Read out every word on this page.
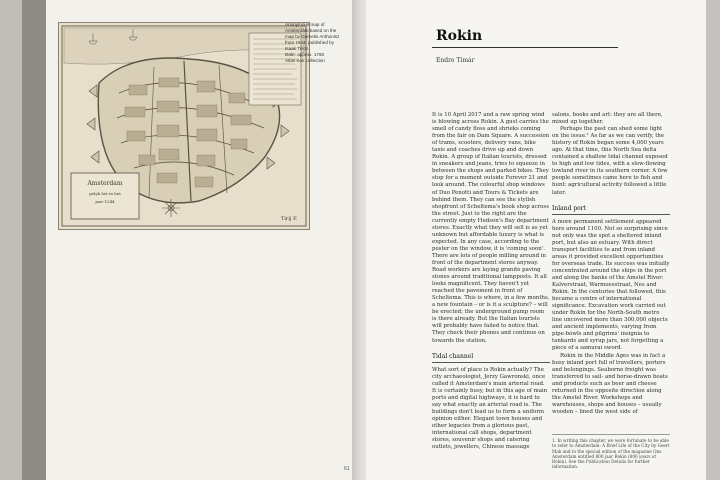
Amsterdam
gelyk het in het
jaar 1544
Tirij F.
Anonymous map of
Amsterdam based on the
map by Cornelis Anthonisz
from 1544, published by
Isaak Tirion.
Date: approx. 1760
Atlas Kok collection
61
Rokin
Endre Timár

It is 10 April 2017 and a raw spring wind is blowing across Rokin. A gust carries the smell of candy floss and shrieks coming from the fair on Dam Square. A succession of trams, scooters, delivery vans, bike taxis and coaches drive up and down Rokin. A group of Italian tourists, dressed in sneakers and jeans, tries to squeeze in between the shops and parked bikes. They stop for a moment outside Forever 21 and look around. The colourful shop windows of Duo Penotti and Tours & Tickets are behind them. They can see the stylish shopfront of Scheltema's book shop across the street. Just to the right are the currently empty Hudson's Bay department stores. Exactly what they will sell is as yet unknown but affordable luxury is what is expected. In any case, according to the poster on the window, it is 'coming soon'. There are lots of people milling around in front of the department stores anyway. Road workers are laying granite paving stones around traditional lampposts. It all looks magnificent. They haven't yet reached the pavement in front of Scheltema. This is where, in a few months, a new fountain – or is it a sculpture? – will be erected; the underground pump room is there already. But the Italian tourists will probably have failed to notice that. They check their phones and continue on towards the station.

Tidal channel

What sort of place is Rokin actually? The city archaeologist, Jerzy Gawronski, once called it Amsterdam's main arterial road. It is certainly busy, but in this age of main ports and digital highways, it is hard to say what exactly an arterial road is. The buildings don't lead us to form a uniform opinion either. Elegant town houses and other legacies from a glorious past, international call shops, department stores, souvenir shops and catering outlets, jewellers, Chinese massage

salons, books and art: they are all there, mixed up together.

Perhaps the past can shed some light on the issue.¹ As far as we can verify, the history of Rokin began some 4,000 years ago. At that time, this North Sea delta contained a shallow tidal channel exposed to high and low tides, with a slow-flowing lowland river in its southern corner. A few people sometimes came here to fish and hunt: agricultural activity followed a little later.

Inland port

A more permanent settlement appeared here around 1100. Not so surprising since not only was the spot a sheltered inland port, but also an estuary. With direct transport facilities to and from inland areas it provided excellent opportunities for overseas trade. Its success was initially concentrated around the ships in the port and along the banks of the Amstel River: Kalverstraat, Warmoesstraat, Nes and Rokin. In the centuries that followed, this became a centre of international significance. Excavation work carried out under Rokin for the North-South metro line uncovered more than 300,000 objects and ancient implements, varying from pipe-bowls and pilgrims' insignia to tankards and syrup jars, not forgetting a piece of a samurai sword.

Rokin in the Middle Ages was in fact a busy inland port full of travellers, porters and belongings. Seaborne freight was transferred to sail- and horse-drawn boats and products such as beer and cheese returned in the opposite direction along the Amstel River. Workshops and warehouses, shops and houses – usually wooden – lined the west side of

1. In writing this chapter, we were fortunate to be able to refer to Amsterdam: A Brief Life of the City by Geert Mak and to the special edition of the magazine Ons Amsterdam entitled 800 jaar Rokin (800 years of Rokin). See the Publication Details for further information.
